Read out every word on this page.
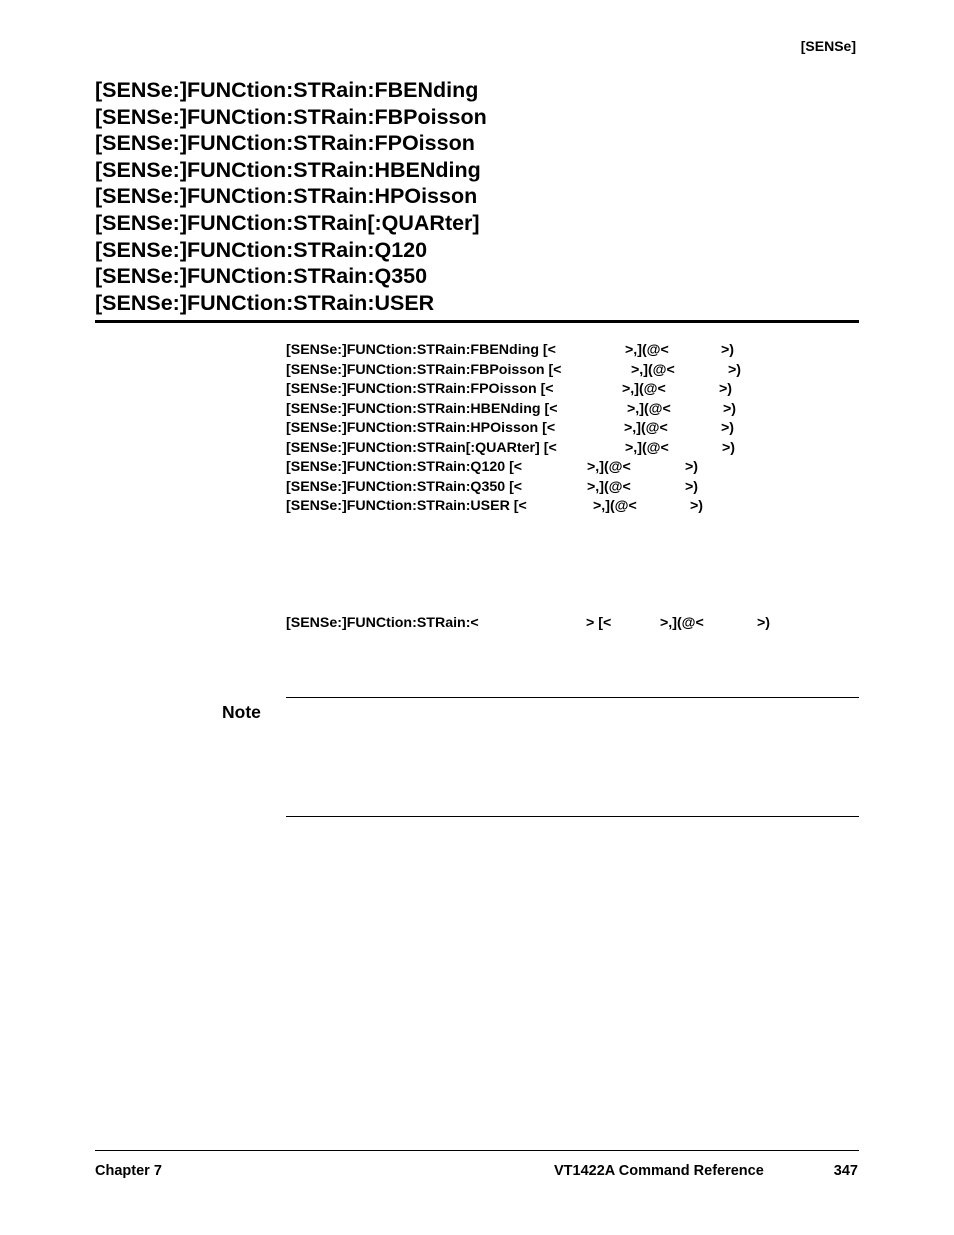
[SENSe]
[SENSe:]FUNCtion:STRain:FBENding
[SENSe:]FUNCtion:STRain:FBPoisson
[SENSe:]FUNCtion:STRain:FPOisson
[SENSe:]FUNCtion:STRain:HBENding
[SENSe:]FUNCtion:STRain:HPOisson
[SENSe:]FUNCtion:STRain[:QUARter]
[SENSe:]FUNCtion:STRain:Q120
[SENSe:]FUNCtion:STRain:Q350
[SENSe:]FUNCtion:STRain:USER
[SENSe:]FUNCtion:STRain:FBENding [<	>,](@<	>)
[SENSe:]FUNCtion:STRain:FBPoisson [<	>,](@<	>)
[SENSe:]FUNCtion:STRain:FPOisson [<	>,](@<	>)
[SENSe:]FUNCtion:STRain:HBENding [<	>,](@<	>)
[SENSe:]FUNCtion:STRain:HPOisson [<	>,](@<	>)
[SENSe:]FUNCtion:STRain[:QUARter] [<	>,](@<	>)
[SENSe:]FUNCtion:STRain:Q120 [<	>,](@<	>)
[SENSe:]FUNCtion:STRain:Q350 [<	>,](@<	>)
[SENSe:]FUNCtion:STRain:USER [<	>,](@<	>)
[SENSe:]FUNCtion:STRain:<	> [<	>,](@<	>)
Note
Chapter 7	VT1422A Command Reference	347
